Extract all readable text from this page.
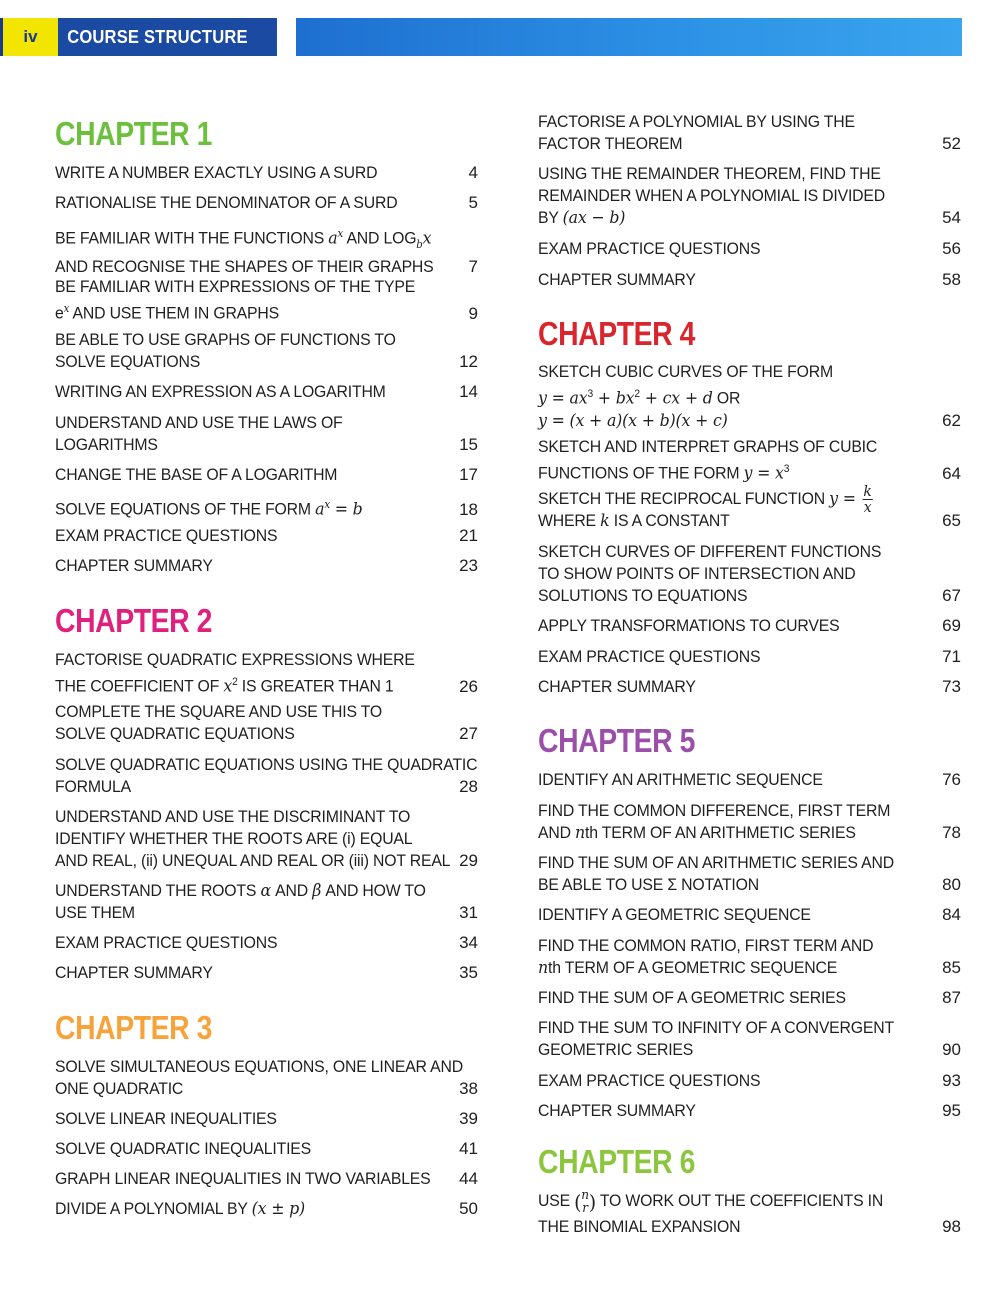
iv	COURSE STRUCTURE
CHAPTER 1
WRITE A NUMBER EXACTLY USING A SURD	4
RATIONALISE THE DENOMINATOR OF A SURD	5
BE FAMILIAR WITH THE FUNCTIONS $a^x$ AND $LOG_bx$
AND RECOGNISE THE SHAPES OF THEIR GRAPHS 7
BE FAMILIAR WITH EXPRESSIONS OF THE TYPE
$e^x$ AND USE THEM IN GRAPHS	9
BE ABLE TO USE GRAPHS OF FUNCTIONS TO
SOLVE EQUATIONS	12
WRITING AN EXPRESSION AS A LOGARITHM	14
UNDERSTAND AND USE THE LAWS OF
LOGARITHMS	15
CHANGE THE BASE OF A LOGARITHM	17
SOLVE EQUATIONS OF THE FORM $a^x = b$	18
EXAM PRACTICE QUESTIONS	21
CHAPTER SUMMARY	23
CHAPTER 2
FACTORISE QUADRATIC EXPRESSIONS WHERE
THE COEFFICIENT OF $x^2$ IS GREATER THAN 1	26
COMPLETE THE SQUARE AND USE THIS TO
SOLVE QUADRATIC EQUATIONS	27
SOLVE QUADRATIC EQUATIONS USING THE QUADRATIC
FORMULA	28
UNDERSTAND AND USE THE DISCRIMINANT TO
IDENTIFY WHETHER THE ROOTS ARE (i) EQUAL
AND REAL, (ii) UNEQUAL AND REAL OR (iii) NOT REAL 29
UNDERSTAND THE ROOTS α AND β AND HOW TO
USE THEM	31
EXAM PRACTICE QUESTIONS	34
CHAPTER SUMMARY	35
CHAPTER 3
SOLVE SIMULTANEOUS EQUATIONS, ONE LINEAR AND
ONE QUADRATIC	38
SOLVE LINEAR INEQUALITIES	39
SOLVE QUADRATIC INEQUALITIES	41
GRAPH LINEAR INEQUALITIES IN TWO VARIABLES 44
DIVIDE A POLYNOMIAL BY (x ± p)	50
FACTORISE A POLYNOMIAL BY USING THE
FACTOR THEOREM	52
USING THE REMAINDER THEOREM, FIND THE
REMAINDER WHEN A POLYNOMIAL IS DIVIDED
BY (ax − b)	54
EXAM PRACTICE QUESTIONS	56
CHAPTER SUMMARY	58
CHAPTER 4
SKETCH CUBIC CURVES OF THE FORM
$y = ax^3 + bx^2$ + cx + d OR
y = (x + a)(x + b)(x + c)	62
SKETCH AND INTERPRET GRAPHS OF CUBIC
FUNCTIONS OF THE FORM $y = x^3$	64
SKETCH THE RECIPROCAL FUNCTION $y = \frac{k}{x}$
WHERE k IS A CONSTANT	65
SKETCH CURVES OF DIFFERENT FUNCTIONS
TO SHOW POINTS OF INTERSECTION AND
SOLUTIONS TO EQUATIONS	67
APPLY TRANSFORMATIONS TO CURVES	69
EXAM PRACTICE QUESTIONS	71
CHAPTER SUMMARY	73
CHAPTER 5
IDENTIFY AN ARITHMETIC SEQUENCE	76
FIND THE COMMON DIFFERENCE, FIRST TERM
AND nth TERM OF AN ARITHMETIC SERIES	78
FIND THE SUM OF AN ARITHMETIC SERIES AND
BE ABLE TO USE Σ NOTATION	80
IDENTIFY A GEOMETRIC SEQUENCE	84
FIND THE COMMON RATIO, FIRST TERM AND
nth TERM OF A GEOMETRIC SEQUENCE	85
FIND THE SUM OF A GEOMETRIC SERIES	87
FIND THE SUM TO INFINITY OF A CONVERGENT
GEOMETRIC SERIES	90
EXAM PRACTICE QUESTIONS	93
CHAPTER SUMMARY	95
CHAPTER 6
USE ( n
r ) TO WORK OUT THE COEFFICIENTS IN
THE BINOMIAL EXPANSION	98
